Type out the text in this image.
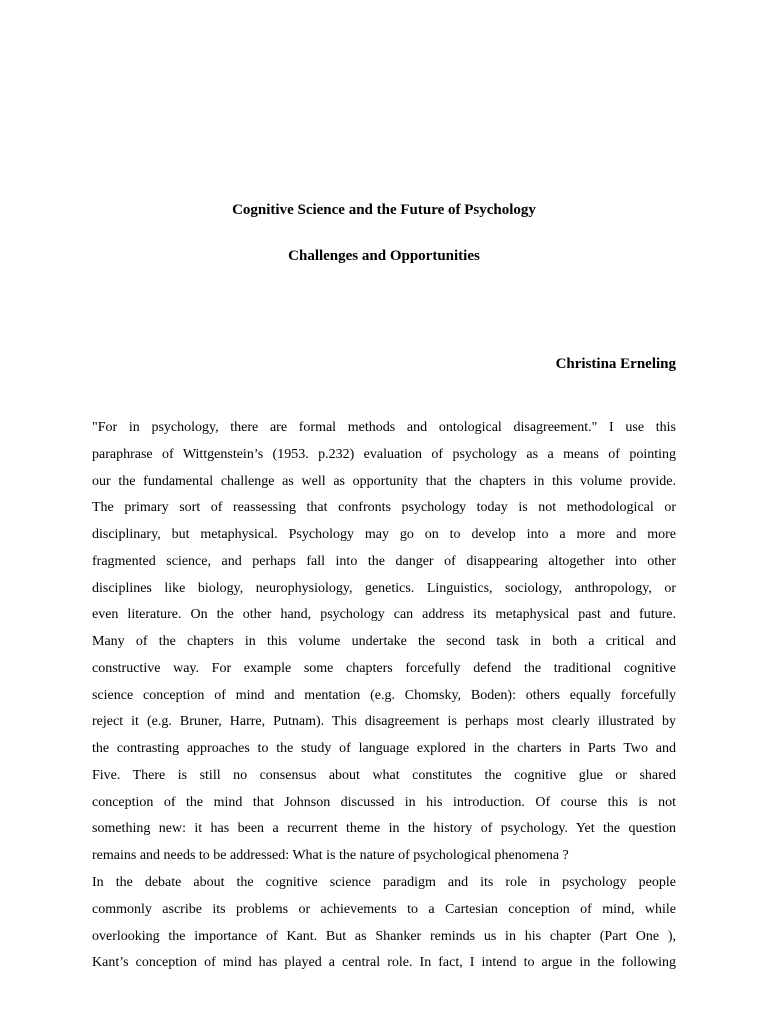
Cognitive Science and the Future of Psychology
Challenges and Opportunities

Christina Erneling

"For in psychology, there are formal methods and ontological disagreement." I use this
paraphrase of Wittgenstein’s (1953. p.232) evaluation of psychology as a means of pointing
our the fundamental challenge as well as opportunity that the chapters in this volume provide.
The primary sort of reassessing that confronts psychology today is not methodological or
disciplinary, but metaphysical. Psychology may go on to develop into a more and more
fragmented science, and perhaps fall into the danger of disappearing altogether into other
disciplines like biology, neurophysiology, genetics. Linguistics, sociology, anthropology, or
even literature. On the other hand, psychology can address its metaphysical past and future.
Many of the chapters in this volume undertake the second task in both a critical and
constructive way. For example some chapters forcefully defend the traditional cognitive
science conception of mind and mentation (e.g. Chomsky, Boden): others equally forcefully
reject it (e.g. Bruner, Harre, Putnam). This disagreement is perhaps most clearly illustrated by
the contrasting approaches to the study of language explored in the charters in Parts Two and
Five. There is still no consensus about what constitutes the cognitive glue or shared
conception of the mind that Johnson discussed in his introduction. Of course this is not
something new: it has been a recurrent theme in the history of psychology. Yet the question
remains and needs to be addressed: What is the nature of psychological phenomena ?

In the debate about the cognitive science paradigm and its role in psychology people
commonly ascribe its problems or achievements to a Cartesian conception of mind, while
overlooking the importance of Kant. But as Shanker reminds us in his chapter (Part One ),
Kant’s conception of mind has played a central role. In fact, I intend to argue in the following
